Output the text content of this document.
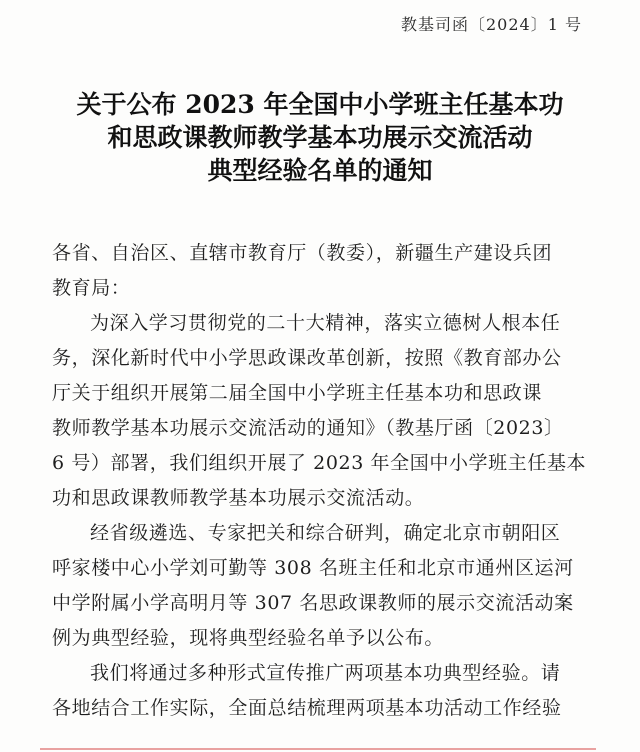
教基司函〔2024〕1 号
关于公布 2023 年全国中小学班主任基本功
和思政课教师教学基本功展示交流活动
典型经验名单的通知
各省、自治区、直辖市教育厅（教委），新疆生产建设兵团
教育局：
为深入学习贯彻党的二十大精神，落实立德树人根本任
务，深化新时代中小学思政课改革创新，按照《教育部办公
厅关于组织开展第二届全国中小学班主任基本功和思政课
教师教学基本功展示交流活动的通知》（教基厅函〔2023〕
6 号）部署，我们组织开展了 2023 年全国中小学班主任基本
功和思政课教师教学基本功展示交流活动。
经省级遴选、专家把关和综合研判，确定北京市朝阳区
呼家楼中心小学刘可勤等 308 名班主任和北京市通州区运河
中学附属小学高明月等 307 名思政课教师的展示交流活动案
例为典型经验，现将典型经验名单予以公布。
我们将通过多种形式宣传推广两项基本功典型经验。请
各地结合工作实际，全面总结梳理两项基本功活动工作经验
